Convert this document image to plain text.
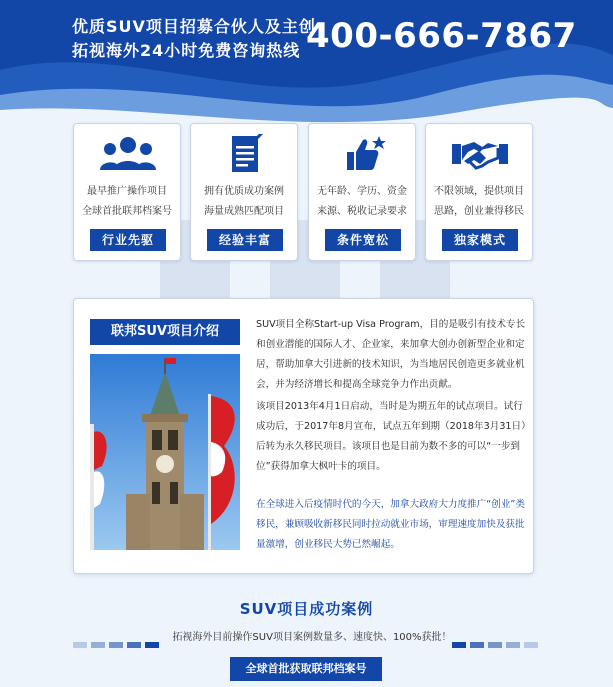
优质SUV项目招募合伙人及主创
拓视海外24小时免费咨询热线 400-666-7867
最早推广操作项目
全球首批联邦档案号
行业先驱
拥有优质成功案例
海量成熟匹配项目
经验丰富
无年龄、学历、资金
来源、税收记录要求
条件宽松
不限领域，提供项目
思路，创业兼得移民
独家模式
联邦SUV项目介绍	SUV项目全称Start-up Visa Program，目的是吸引有技术专长和创业潜能的国际人才、企业家，来加拿大创办创新型企业和定居，帮助加拿大引进新的技术知识，为当地居民创造更多就业机会，并为经济增长和提高全球竞争力作出贡献。
该项目2013年4月1日启动，当时是为期五年的试点项目。试行成功后，于2017年8月宣布，试点五年到期（2018年3月31日）后转为永久移民项目。该项目也是目前为数不多的可以“一步到位”获得加拿大枫叶卡的项目。
在全球进入后疫情时代的今天，加拿大政府大力度推广“创业”类移民，兼顾吸收新移民同时拉动就业市场，审理速度加快及获批量激增，创业移民大势已然崛起。
SUV项目成功案例
拓视海外目前操作SUV项目案例数量多、速度快、100%获批！
全球首批获取联邦档案号
